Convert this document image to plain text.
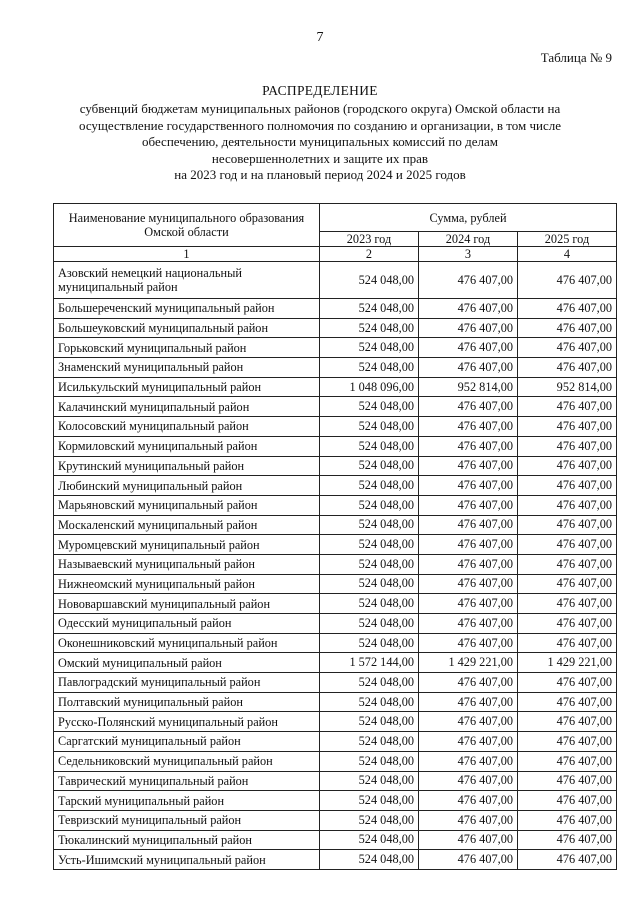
7
Таблица № 9
РАСПРЕДЕЛЕНИЕ
субвенций бюджетам муниципальных районов (городского округа) Омской области на
осуществление государственного полномочия по созданию и организации, в том числе
обеспечению, деятельности муниципальных комиссий по делам
несовершеннолетних и защите их прав
на 2023 год и на плановый период 2024 и 2025 годов
Наименование муниципального образования Омской области	Сумма, рублей		
	2023 год	2024 год	2025 год
1	2	3	4
Азовский немецкий национальный муниципальный район	524 048,00	476 407,00	476 407,00
Большереченский муниципальный район	524 048,00	476 407,00	476 407,00
Большеуковский муниципальный район	524 048,00	476 407,00	476 407,00
Горьковский муниципальный район	524 048,00	476 407,00	476 407,00
Знаменский муниципальный район	524 048,00	476 407,00	476 407,00
Исилькульский муниципальный район	1 048 096,00	952 814,00	952 814,00
Калачинский муниципальный район	524 048,00	476 407,00	476 407,00
Колосовский муниципальный район	524 048,00	476 407,00	476 407,00
Кормиловский муниципальный район	524 048,00	476 407,00	476 407,00
Крутинский муниципальный район	524 048,00	476 407,00	476 407,00
Любинский муниципальный район	524 048,00	476 407,00	476 407,00
Марьяновский муниципальный район	524 048,00	476 407,00	476 407,00
Москаленский муниципальный район	524 048,00	476 407,00	476 407,00
Муромцевский муниципальный район	524 048,00	476 407,00	476 407,00
Называевский муниципальный район	524 048,00	476 407,00	476 407,00
Нижнеомский муниципальный район	524 048,00	476 407,00	476 407,00
Нововаршавский муниципальный район	524 048,00	476 407,00	476 407,00
Одесский муниципальный район	524 048,00	476 407,00	476 407,00
Оконешниковский муниципальный район	524 048,00	476 407,00	476 407,00
Омский муниципальный район	1 572 144,00	1 429 221,00	1 429 221,00
Павлоградский муниципальный район	524 048,00	476 407,00	476 407,00
Полтавский муниципальный район	524 048,00	476 407,00	476 407,00
Русско-Полянский муниципальный район	524 048,00	476 407,00	476 407,00
Саргатский муниципальный район	524 048,00	476 407,00	476 407,00
Седельниковский муниципальный район	524 048,00	476 407,00	476 407,00
Таврический муниципальный район	524 048,00	476 407,00	476 407,00
Тарский муниципальный район	524 048,00	476 407,00	476 407,00
Тевризский муниципальный район	524 048,00	476 407,00	476 407,00
Тюкалинский муниципальный район	524 048,00	476 407,00	476 407,00
Усть-Ишимский муниципальный район	524 048,00	476 407,00	476 407,00
